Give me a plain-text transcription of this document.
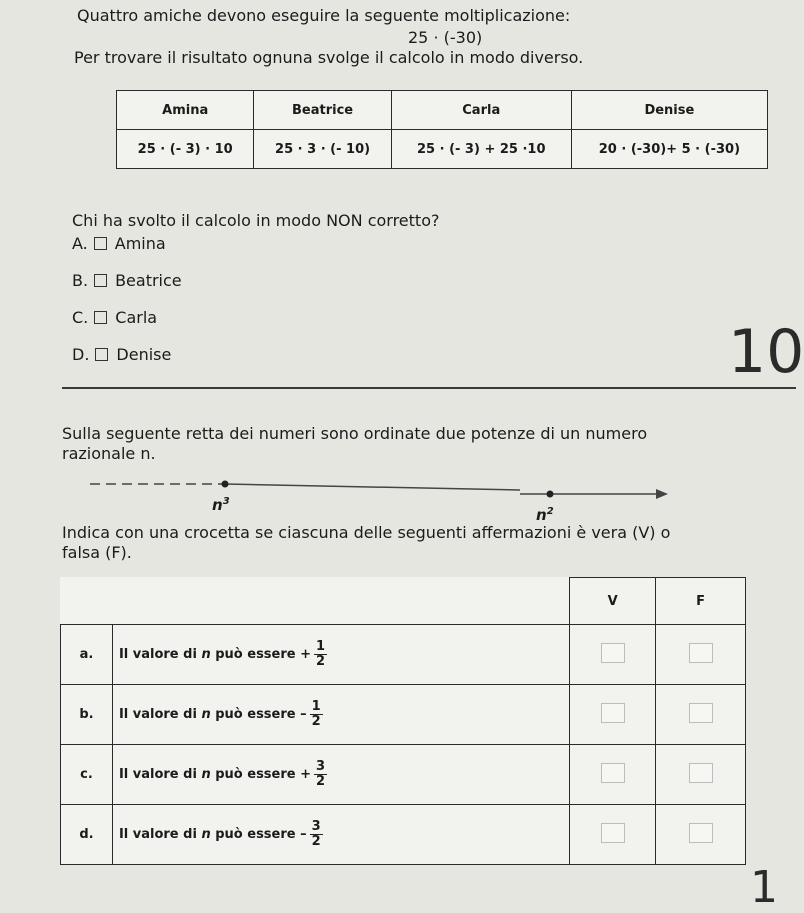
Quattro amiche devono eseguire la seguente moltiplicazione:
25 · (-30)
Per trovare il risultato ognuna svolge il calcolo in modo diverso.
Amina	Beatrice	Carla	Denise
25 · (- 3) · 10	25 · 3 · (- 10)	25 · (- 3) + 25 ·10	20 · (-30)+ 5 · (-30)
Chi ha svolto il calcolo in modo NON corretto?
A. Amina
B. Beatrice
C. Carla
D. Denise	10
Sulla seguente retta dei numeri sono ordinate due potenze di un numero
razionale n.
$n^3$
$n^2$
Indica con una crocetta se ciascuna delle seguenti affermazioni è vera (V) o
falsa (F).
		V	F
a.	Il valore di n può essere + $\frac{1}{2}$

b.	Il valore di n può essere – $\frac{1}{2}$

c.	Il valore di n può essere + $\frac{3}{2}$

d.	Il valore di n può essere – $\frac{3}{2}$

1
